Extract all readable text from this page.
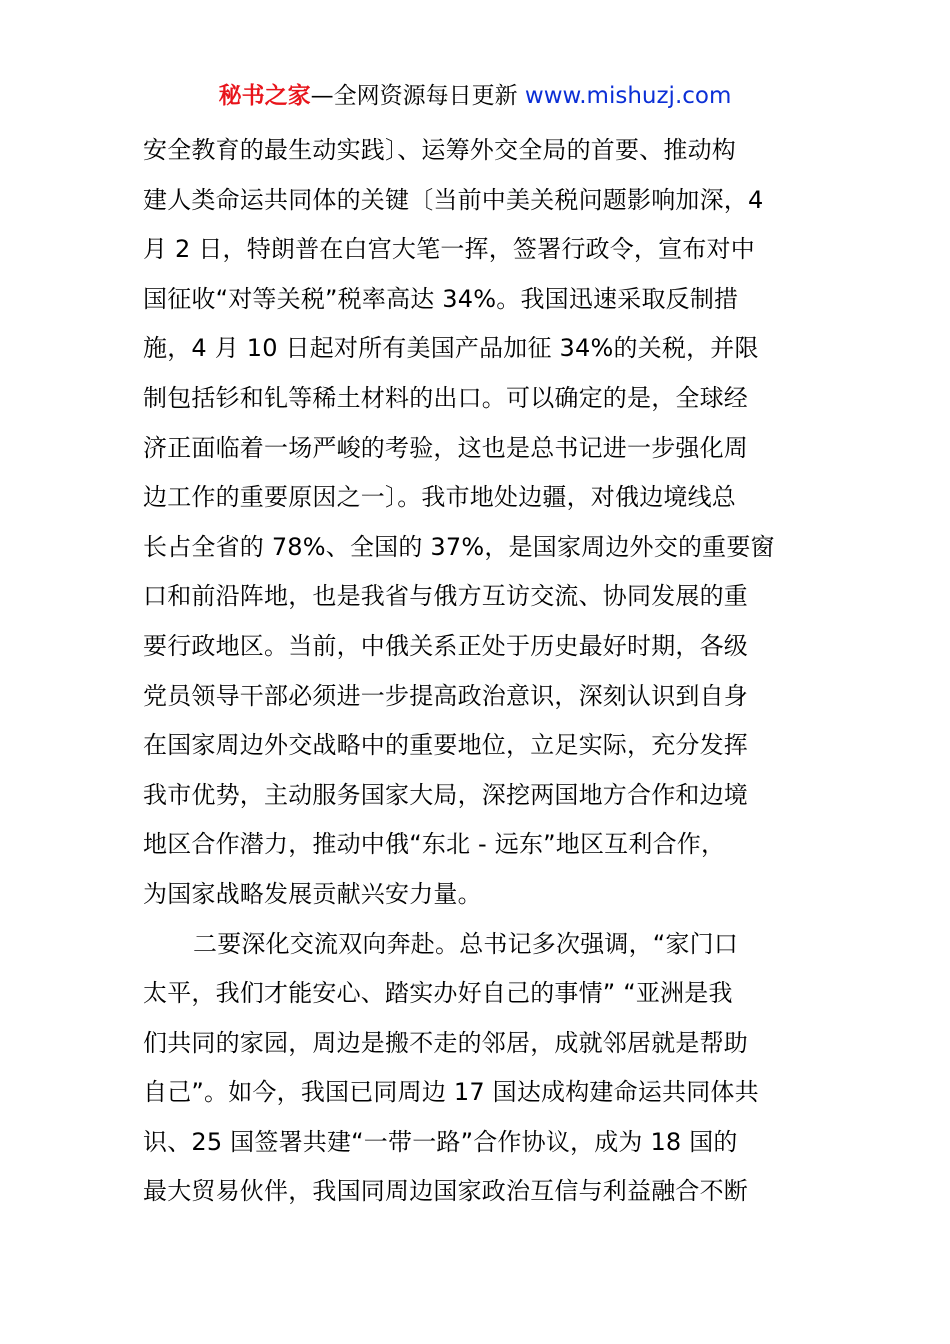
秘书之家—全网资源每日更新 www.mishuzj.com
安全教育的最生动实践〕、运筹外交全局的首要、推动构
建人类命运共同体的关键〔当前中美关税问题影响加深，4
月 2 日，特朗普在白宫大笔一挥，签署行政令，宣布对中
国征收“对等关税”税率高达 34%。我国迅速采取反制措
施，4 月 10 日起对所有美国产品加征 34%的关税，并限
制包括钐和钆等稀土材料的出口。可以确定的是，全球经
济正面临着一场严峻的考验，这也是总书记进一步强化周
边工作的重要原因之一〕。我市地处边疆，对俄边境线总
长占全省的 78%、全国的 37%，是国家周边外交的重要窗
口和前沿阵地，也是我省与俄方互访交流、协同发展的重
要行政地区。当前，中俄关系正处于历史最好时期，各级
党员领导干部必须进一步提高政治意识，深刻认识到自身
在国家周边外交战略中的重要地位，立足实际，充分发挥
我市优势，主动服务国家大局，深挖两国地方合作和边境
地区合作潜力，推动中俄“东北 - 远东”地区互利合作，
为国家战略发展贡献兴安力量。
二要深化交流双向奔赴。总书记多次强调，“家门口
太平，我们才能安心、踏实办好自己的事情” “亚洲是我
们共同的家园，周边是搬不走的邻居，成就邻居就是帮助
自己”。如今，我国已同周边 17 国达成构建命运共同体共
识、25 国签署共建“一带一路”合作协议，成为 18 国的
最大贸易伙伴，我国同周边国家政治互信与利益融合不断
